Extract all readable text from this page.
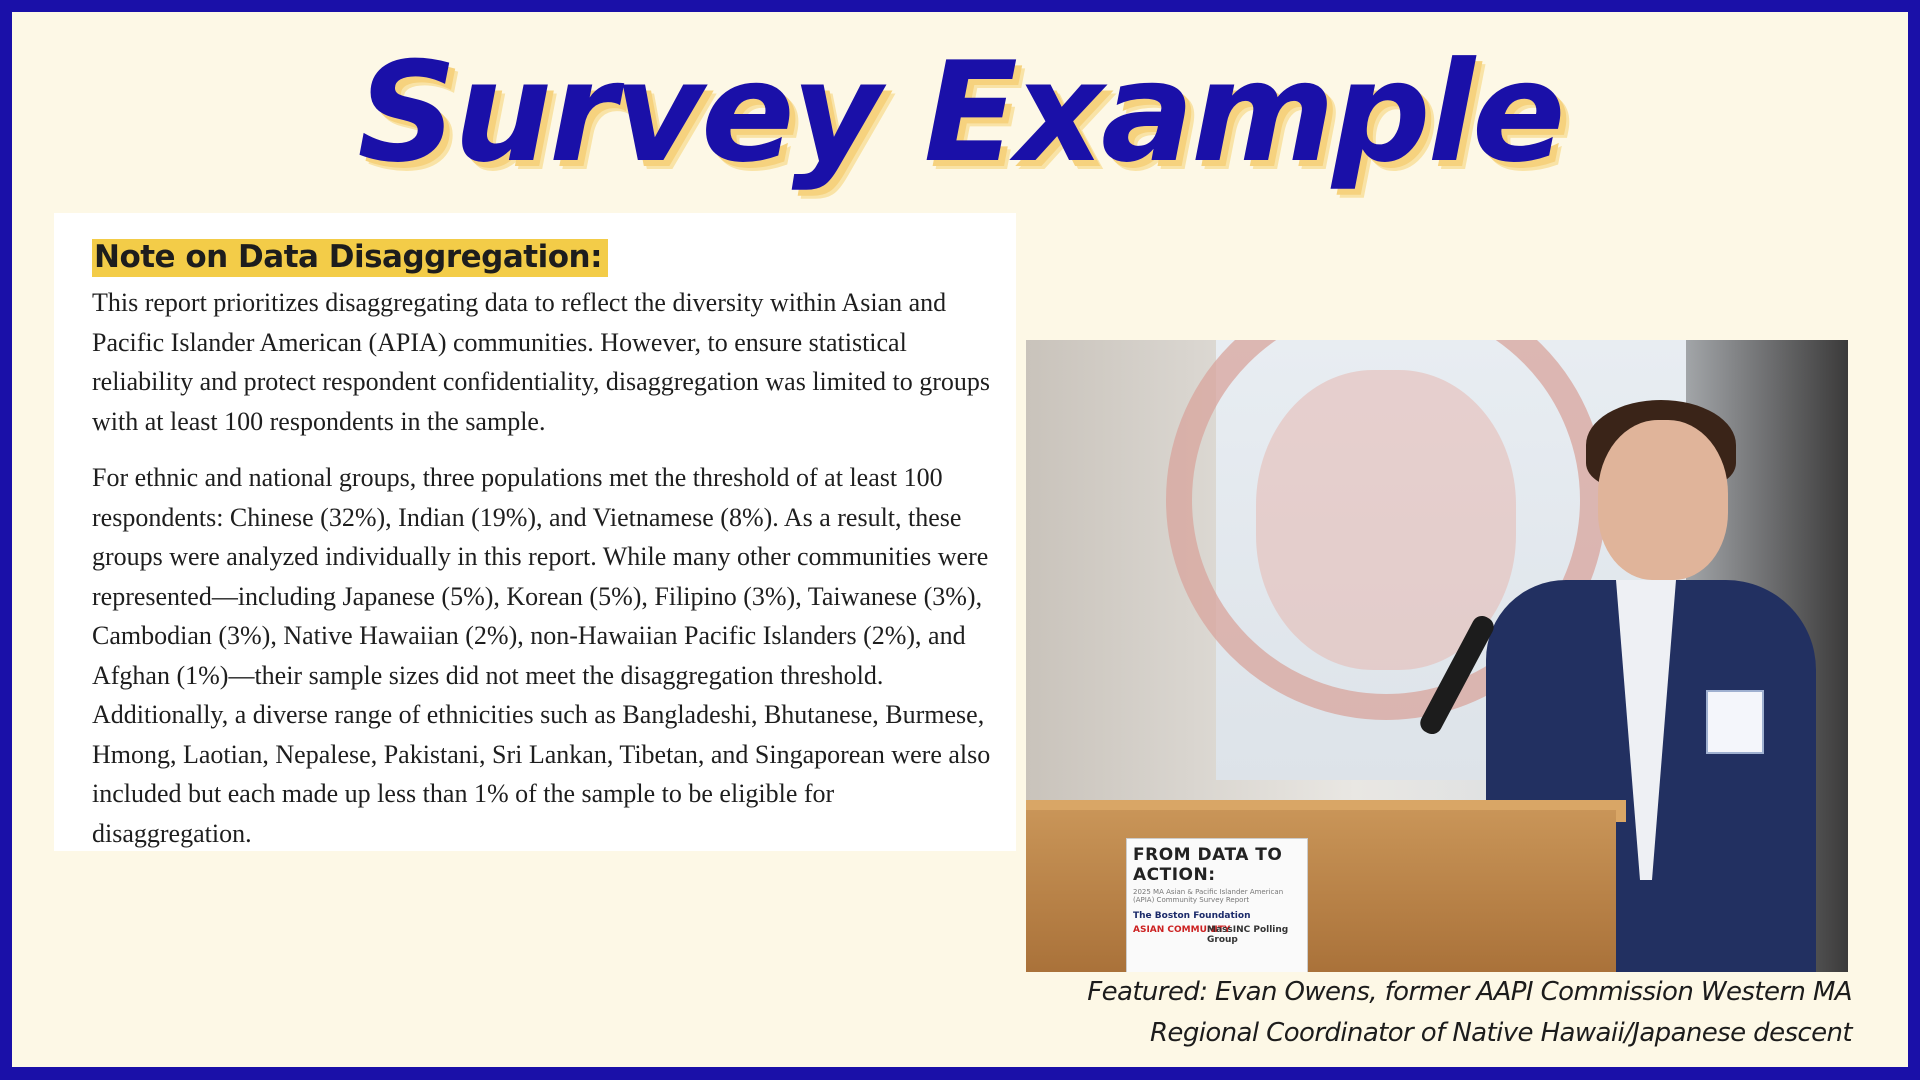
Survey Example
FROM DATA TO ACTION:
2025 MA Asian & Pacific Islander American (APIA) Community Survey Report
The Boston Foundation
ASIAN COMMUNITY
MassINC Polling Group
Note on Data Disaggregation:

This report prioritizes disaggregating data to reflect the diversity within Asian and Pacific Islander American (APIA) communities. However, to ensure statistical reliability and protect respondent confidentiality, disaggregation was limited to groups with at least 100 respondents in the sample.

For ethnic and national groups, three populations met the threshold of at least 100 respondents: Chinese (32%), Indian (19%), and Vietnamese (8%). As a result, these groups were analyzed individually in this report. While many other communities were represented—including Japanese (5%), Korean (5%), Filipino (3%), Taiwanese (3%), Cambodian (3%), Native Hawaiian (2%), non-Hawaiian Pacific Islanders (2%), and Afghan (1%)—their sample sizes did not meet the disaggregation threshold. Additionally, a diverse range of ethnicities such as Bangladeshi, Bhutanese, Burmese, Hmong, Laotian, Nepalese, Pakistani, Sri Lankan, Tibetan, and Singaporean were also included but each made up less than 1% of the sample to be eligible for disaggregation.

Featured: Evan Owens, former AAPI Commission Western MA
Regional Coordinator of Native Hawaii/Japanese descent
